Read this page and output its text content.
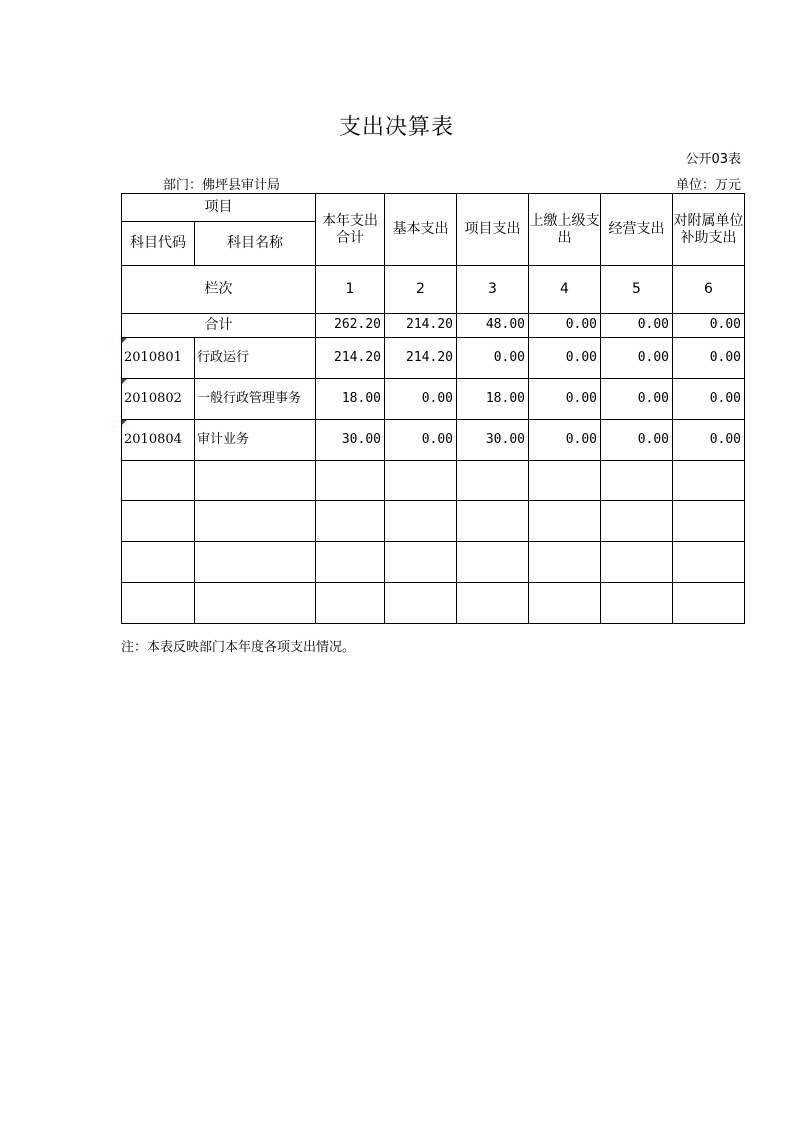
支出决算表
公开03表
部门：佛坪县审计局	单位：万元
项目		本年支出合计	基本支出	项目支出	上缴上级支出	经营支出	对附属单位补助支出
科目代码	科目名称						
栏次		1	2	3	4	5	6
合计		262.20	214.20	48.00	0.00	0.00	0.00

2010801	行政运行	214.20	214.20	0.00	0.00	0.00	0.00

2010802	一般行政管理事务	18.00	0.00	18.00	0.00	0.00	0.00

2010804	审计业务	30.00	0.00	30.00	0.00	0.00	0.00

注：本表反映部门本年度各项支出情况。
